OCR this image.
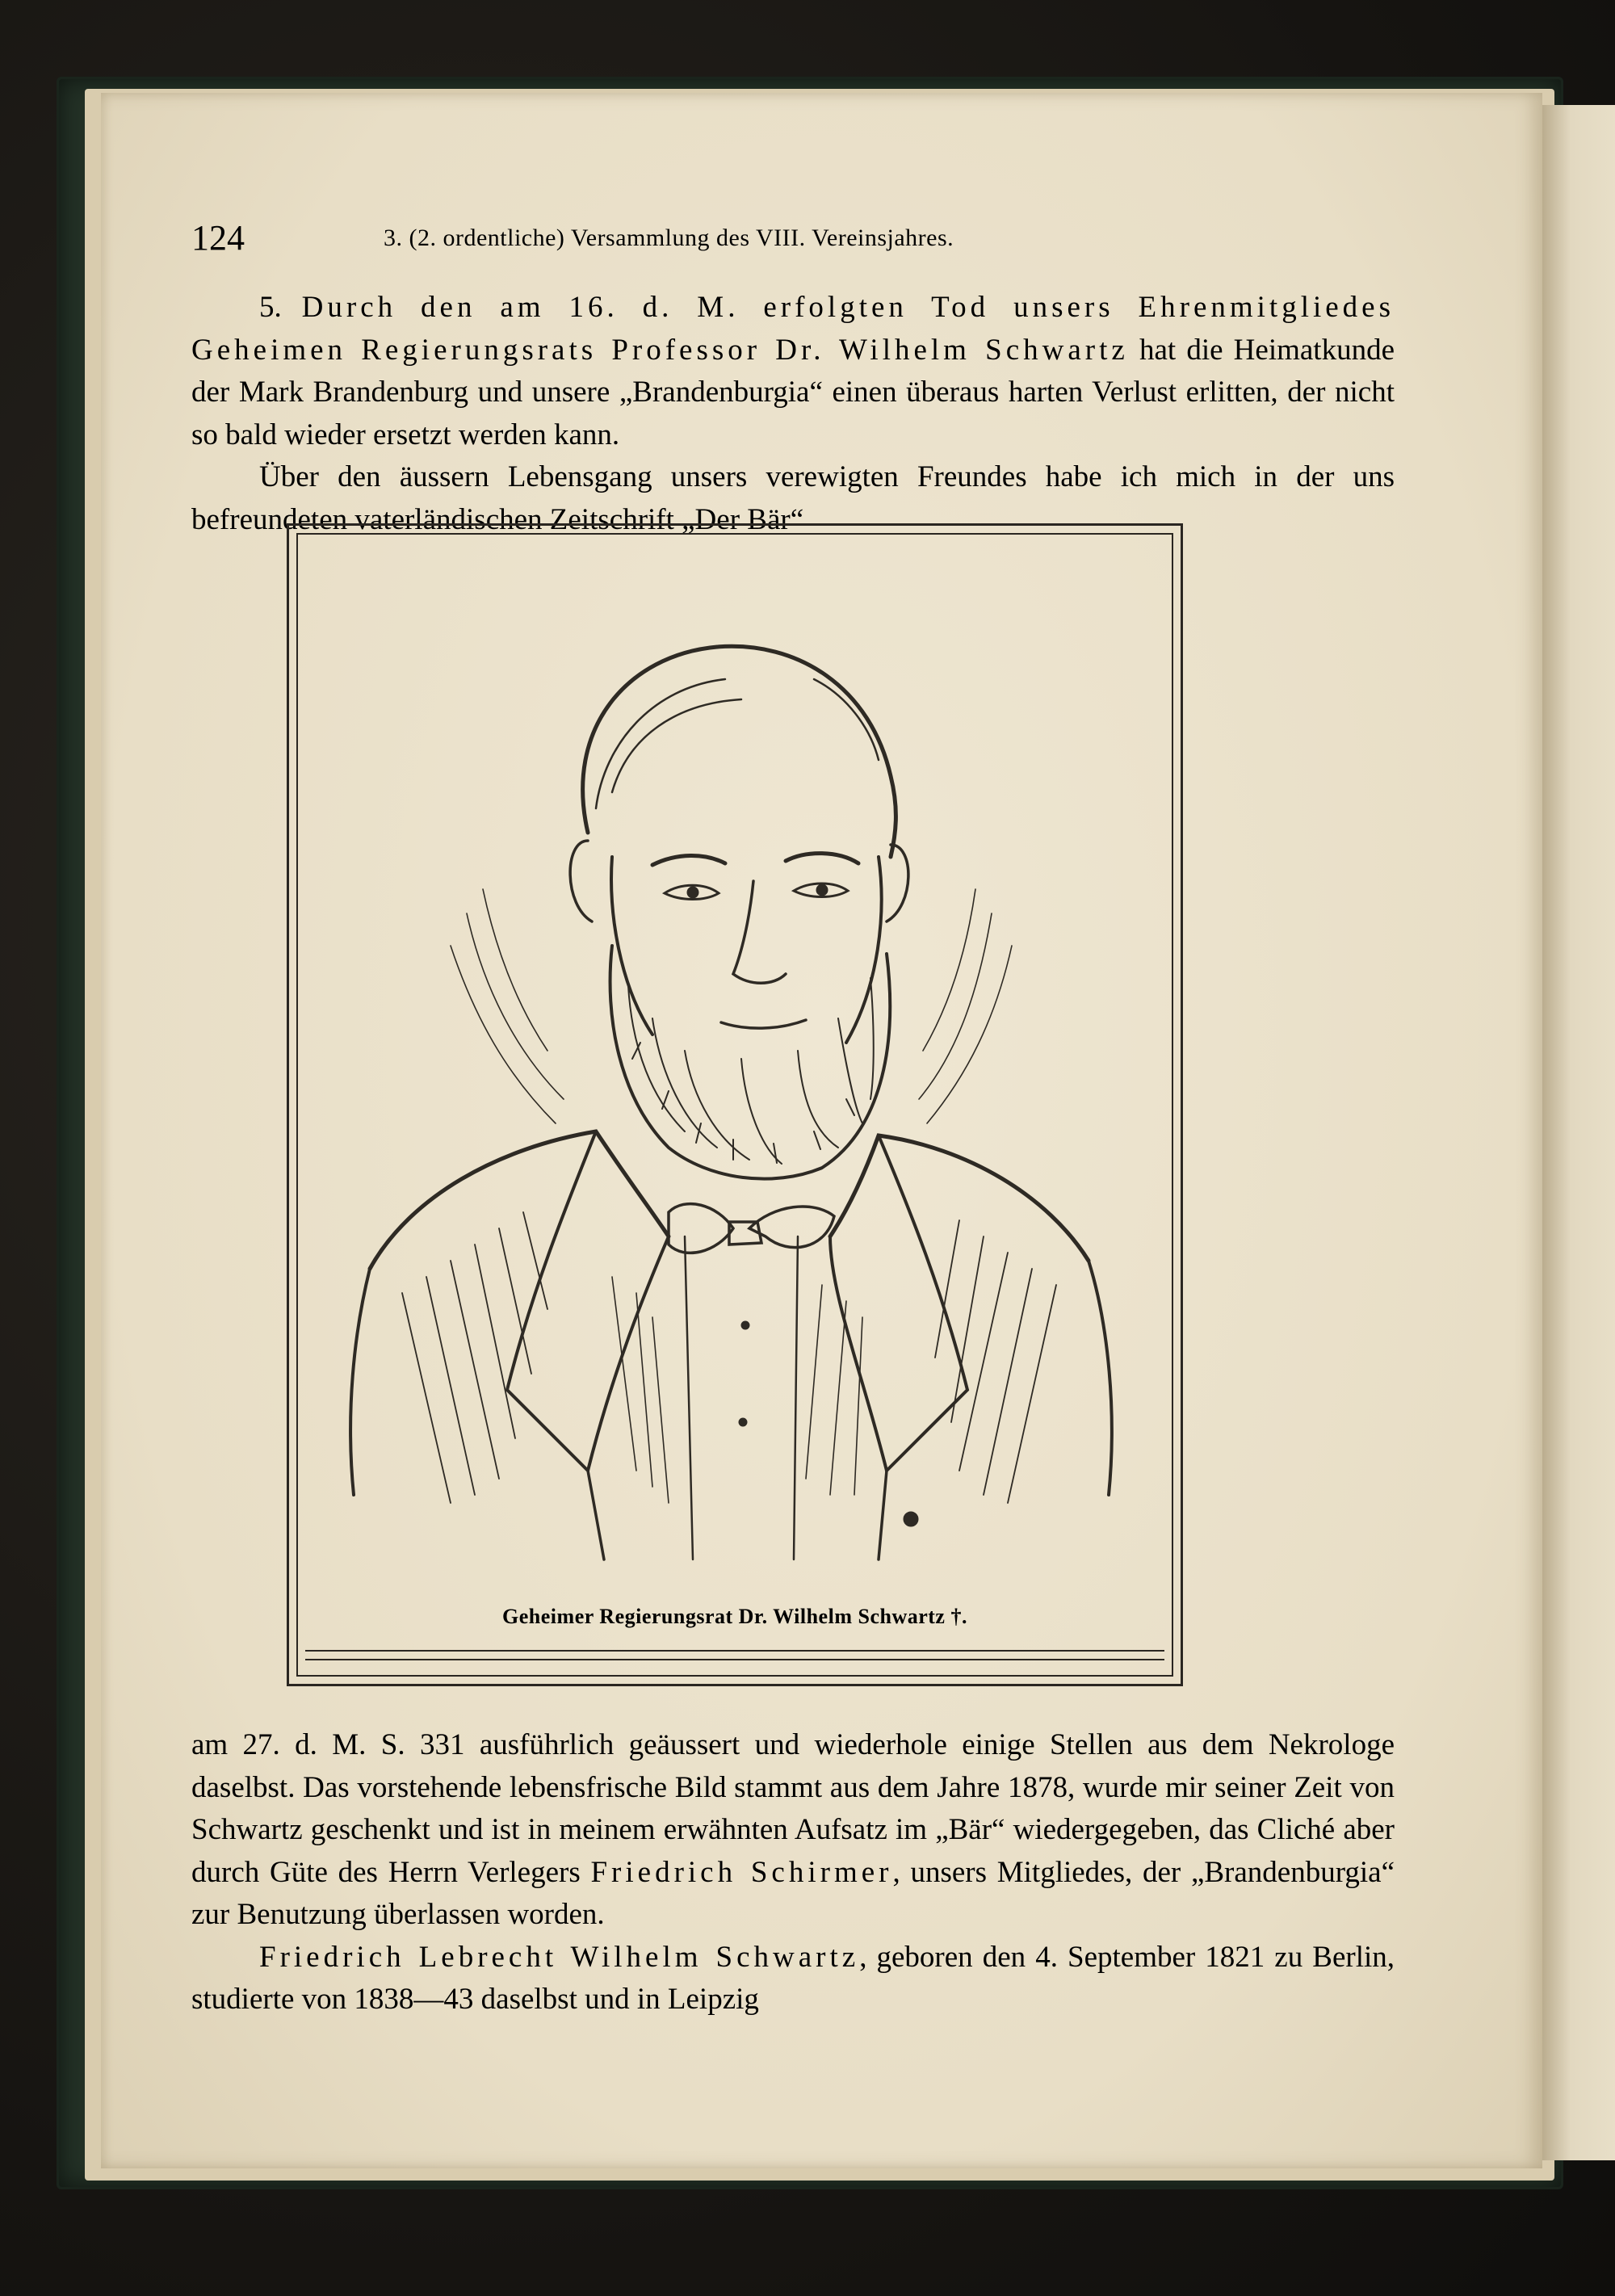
124	3. (2. ordentliche) Versammlung des VIII. Vereinsjahres.

5. Durch den am 16. d. M. erfolgten Tod unsers Ehrenmitgliedes Geheimen Regierungsrats Professor Dr. Wilhelm Schwartz hat die Heimatkunde der Mark Brandenburg und unsere „Brandenburgia“ einen überaus harten Verlust erlitten, der nicht so bald wieder ersetzt werden kann.

Über den äussern Lebensgang unsers verewigten Freundes habe ich mich in der uns befreundeten vaterländischen Zeitschrift „Der Bär“

Geheimer Regierungsrat Dr. Wilhelm Schwartz †.

am 27. d. M. S. 331 ausführlich geäussert und wiederhole einige Stellen aus dem Nekrologe daselbst. Das vorstehende lebensfrische Bild stammt aus dem Jahre 1878, wurde mir seiner Zeit von Schwartz geschenkt und ist in meinem erwähnten Aufsatz im „Bär“ wiedergegeben, das Cliché aber durch Güte des Herrn Verlegers Friedrich Schirmer, unsers Mitgliedes, der „Brandenburgia“ zur Benutzung überlassen worden.

Friedrich Lebrecht Wilhelm Schwartz, geboren den 4. September 1821 zu Berlin, studierte von 1838—43 daselbst und in Leipzig
